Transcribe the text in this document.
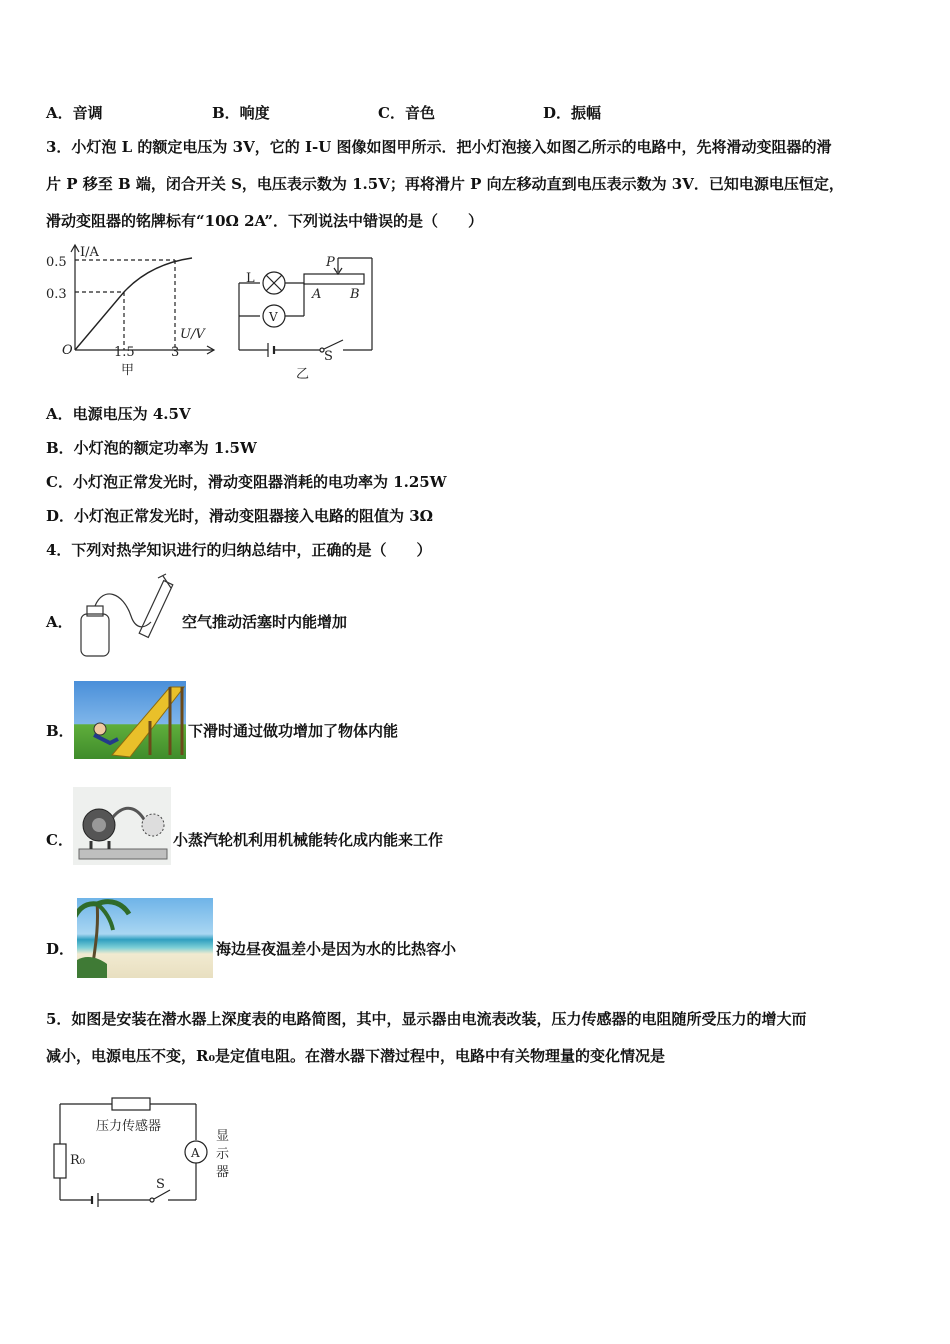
A．音调	B．响度	C．音色	D．振幅
3．小灯泡 L 的额定电压为 3V，它的 I-U 图像如图甲所示．把小灯泡接入如图乙所示的电路中，先将滑动变阻器的滑
片 P 移至 B 端，闭合开关 S，电压表示数为 1.5V；再将滑片 P 向左移动直到电压表示数为 3V．已知电源电压恒定，
滑动变阻器的铭牌标有“10Ω 2A”．下列说法中错误的是（　　）
I/A
0.5
0.3
U/V
O	1.5	3
甲
L
P
A B
V
S
乙
A．电源电压为 4.5V
B．小灯泡的额定功率为 1.5W
C．小灯泡正常发光时，滑动变阻器消耗的电功率为 1.25W
D．小灯泡正常发光时，滑动变阻器接入电路的阻值为 3Ω
4．下列对热学知识进行的归纳总结中，正确的是（　　）
A．	空气推动活塞时内能增加
B．	下滑时通过做功增加了物体内能
C．	小蒸汽轮机利用机械能转化成内能来工作
D．	海边昼夜温差小是因为水的比热容小
5．如图是安装在潜水器上深度表的电路简图，其中，显示器由电流表改装，压力传感器的电阻随所受压力的增大而
减小，电源电压不变，R₀是定值电阻。在潜水器下潜过程中，电路中有关物理量的变化情况是
压力传感器
R₀	A
显
示
器
S
